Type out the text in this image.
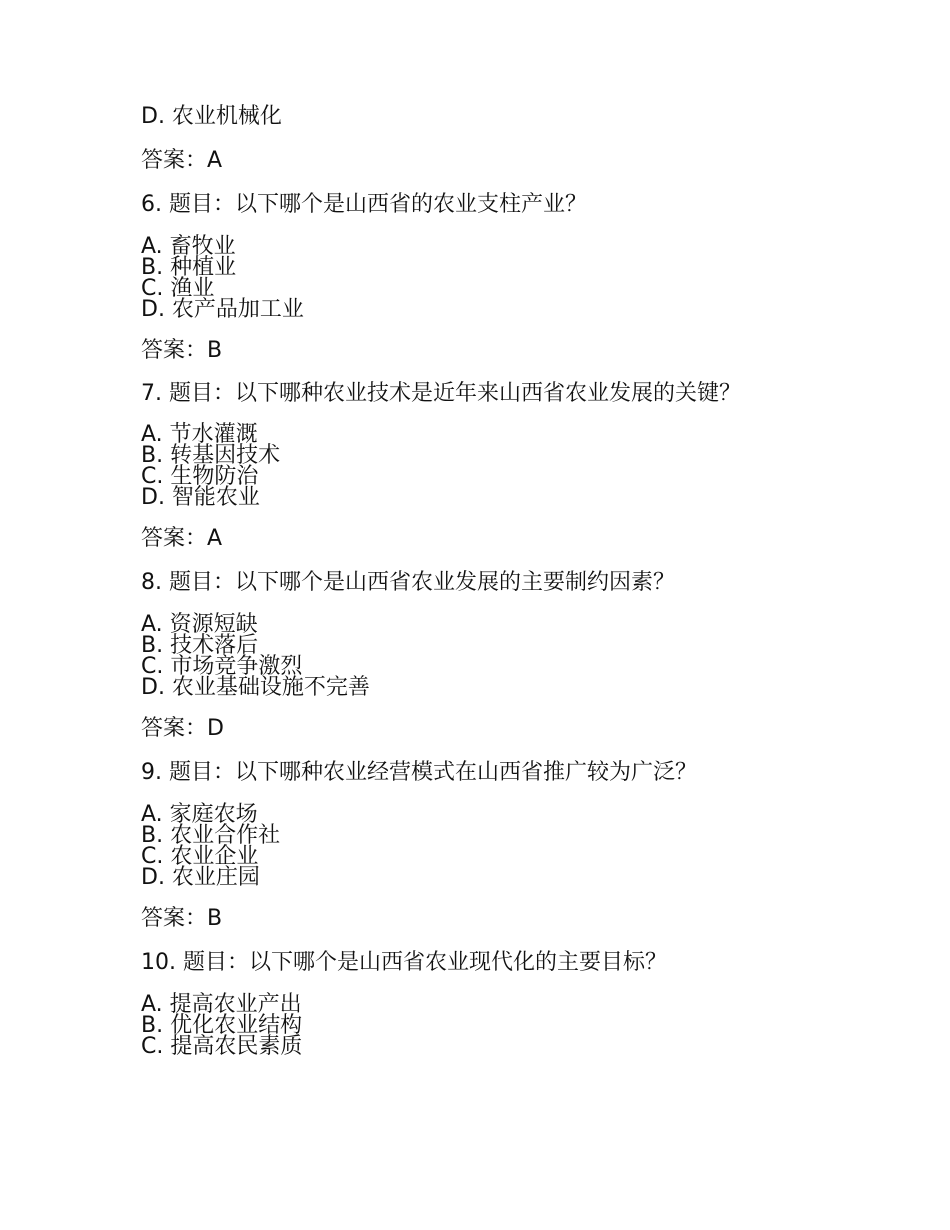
D. 农业机械化
答案：A
6. 题目：以下哪个是山西省的农业支柱产业？
A. 畜牧业
B. 种植业
C. 渔业
D. 农产品加工业
答案：B
7. 题目：以下哪种农业技术是近年来山西省农业发展的关键？
A. 节水灌溉
B. 转基因技术
C. 生物防治
D. 智能农业
答案：A
8. 题目：以下哪个是山西省农业发展的主要制约因素？
A. 资源短缺
B. 技术落后
C. 市场竞争激烈
D. 农业基础设施不完善
答案：D
9. 题目：以下哪种农业经营模式在山西省推广较为广泛？
A. 家庭农场
B. 农业合作社
C. 农业企业
D. 农业庄园
答案：B
10. 题目：以下哪个是山西省农业现代化的主要目标？
A. 提高农业产出
B. 优化农业结构
C. 提高农民素质
